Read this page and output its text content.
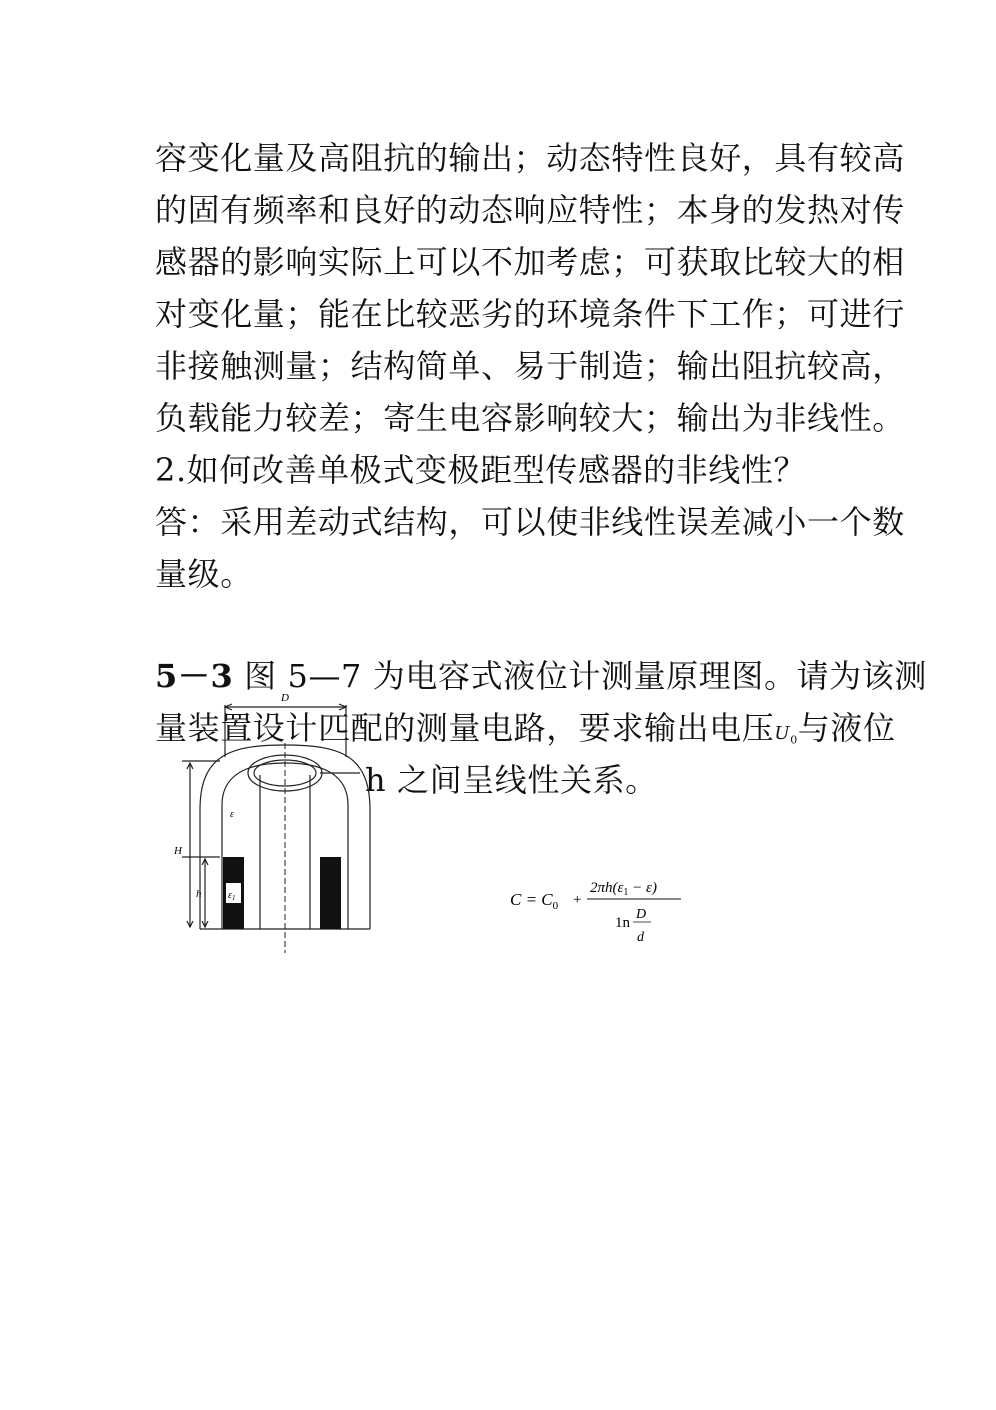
容变化量及高阻抗的输出；动态特性良好，具有较高
的固有频率和良好的动态响应特性；本身的发热对传
感器的影响实际上可以不加考虑；可获取比较大的相
对变化量；能在比较恶劣的环境条件下工作；可进行
非接触测量；结构简单、易于制造；输出阻抗较高，
负载能力较差；寄生电容影响较大；输出为非线性。
2.如何改善单极式变极距型传感器的非线性？
答：采用差动式结构，可以使非线性误差减小一个数
量级。
5－3 图 5—7 为电容式液位计测量原理图。请为该测
量装置设计匹配的测量电路，要求输出电压$U_0$与液位
h 之间呈线性关系。
D
H
h
ε
$\varepsilon_1$	$C = C_0$ +
$2\pi h(\varepsilon_1 - \varepsilon)$
1n
D
d
